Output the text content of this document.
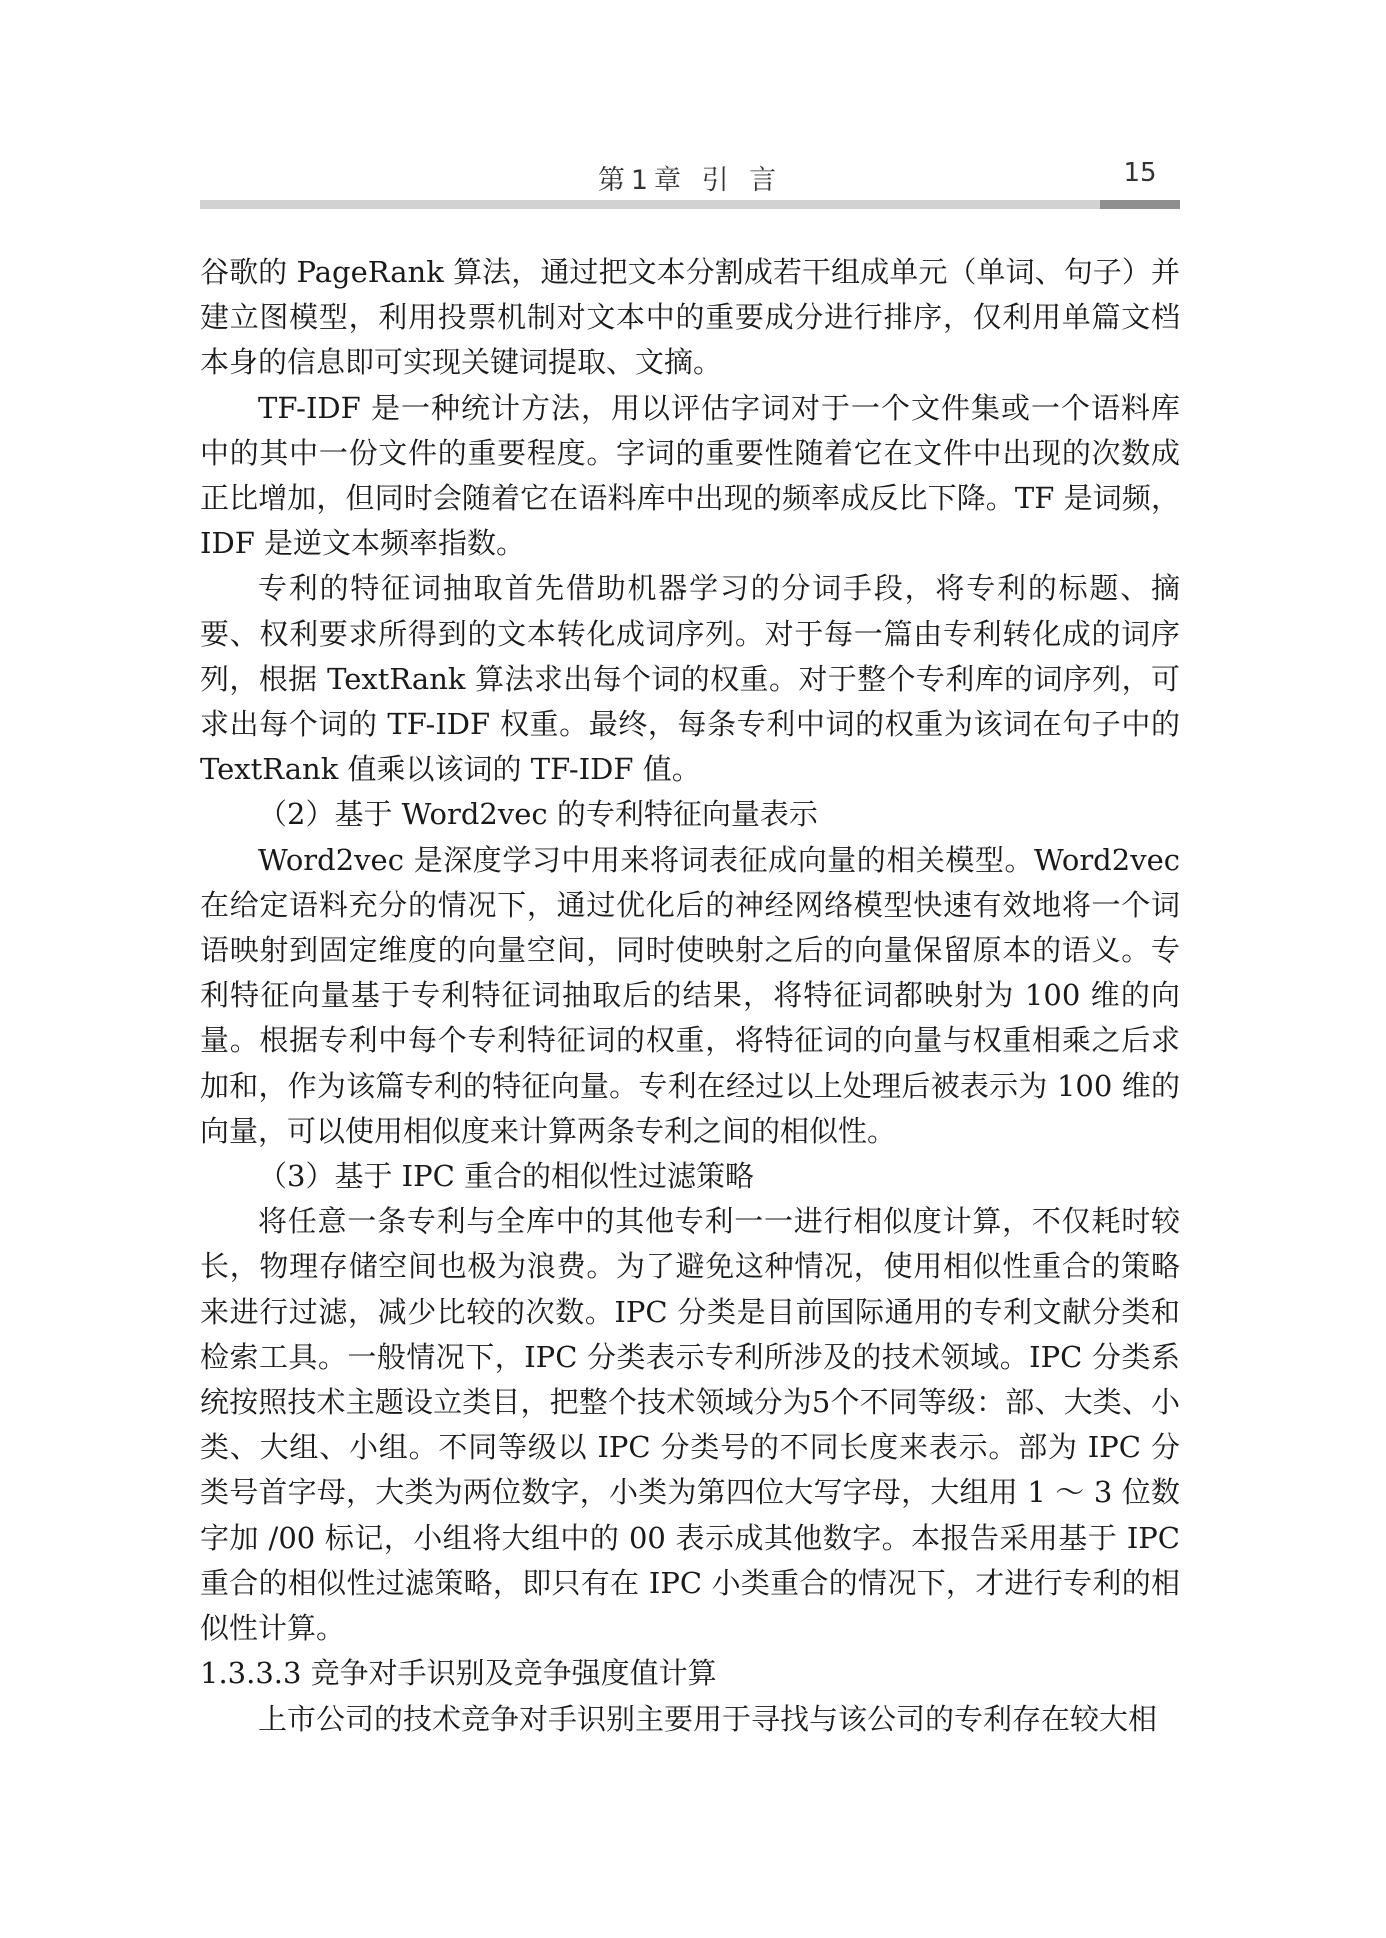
第1章 引 言	15

谷歌的 PageRank 算法，通过把文本分割成若干组成单元（单词、句子）并建立图模型，利用投票机制对文本中的重要成分进行排序，仅利用单篇文档本身的信息即可实现关键词提取、文摘。

TF-IDF 是一种统计方法，用以评估字词对于一个文件集或一个语料库中的其中一份文件的重要程度。字词的重要性随着它在文件中出现的次数成正比增加，但同时会随着它在语料库中出现的频率成反比下降。TF 是词频，IDF 是逆文本频率指数。

专利的特征词抽取首先借助机器学习的分词手段，将专利的标题、摘要、权利要求所得到的文本转化成词序列。对于每一篇由专利转化成的词序列，根据 TextRank 算法求出每个词的权重。对于整个专利库的词序列，可求出每个词的 TF-IDF 权重。最终，每条专利中词的权重为该词在句子中的 TextRank 值乘以该词的 TF-IDF 值。

（2）基于 Word2vec 的专利特征向量表示

Word2vec 是深度学习中用来将词表征成向量的相关模型。Word2vec 在给定语料充分的情况下，通过优化后的神经网络模型快速有效地将一个词语映射到固定维度的向量空间，同时使映射之后的向量保留原本的语义。专利特征向量基于专利特征词抽取后的结果，将特征词都映射为 100 维的向量。根据专利中每个专利特征词的权重，将特征词的向量与权重相乘之后求加和，作为该篇专利的特征向量。专利在经过以上处理后被表示为 100 维的向量，可以使用相似度来计算两条专利之间的相似性。

（3）基于 IPC 重合的相似性过滤策略

将任意一条专利与全库中的其他专利一一进行相似度计算，不仅耗时较长，物理存储空间也极为浪费。为了避免这种情况，使用相似性重合的策略来进行过滤，减少比较的次数。IPC 分类是目前国际通用的专利文献分类和检索工具。一般情况下，IPC 分类表示专利所涉及的技术领域。IPC 分类系统按照技术主题设立类目，把整个技术领域分为5个不同等级：部、大类、小类、大组、小组。不同等级以 IPC 分类号的不同长度来表示。部为 IPC 分类号首字母，大类为两位数字，小类为第四位大写字母，大组用 1 ～ 3 位数字加 /00 标记，小组将大组中的 00 表示成其他数字。本报告采用基于 IPC 重合的相似性过滤策略，即只有在 IPC 小类重合的情况下，才进行专利的相似性计算。

1.3.3.3 竞争对手识别及竞争强度值计算

上市公司的技术竞争对手识别主要用于寻找与该公司的专利存在较大相
